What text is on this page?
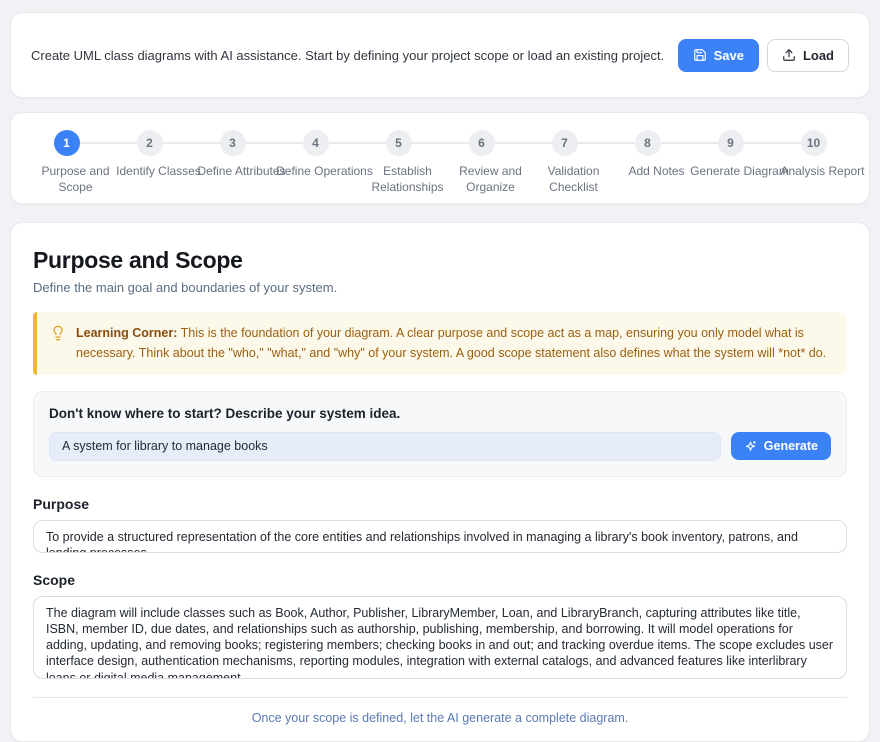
Create UML class diagrams with AI assistance. Start by defining your project scope or load an existing project.	Save	Load
1
Purpose and Scope
2
Identify Classes
3
Define Attributes
4
Define Operations
5
Establish Relationships
6
Review and Organize
7
Validation Checklist
8
Add Notes
9
Generate Diagram
10
Analysis Report
Purpose and Scope
Define the main goal and boundaries of your system.
Learning Corner: This is the foundation of your diagram. A clear purpose and scope act as a map, ensuring you only model what is necessary. Think about the "who," "what," and "why" of your system. A good scope statement also defines what the system will *not* do.
Don't know where to start? Describe your system idea.
A system for library to manage books
Generate
Purpose
To provide a structured representation of the core entities and relationships involved in managing a library's book inventory, patrons, and lending processes.
Scope
The diagram will include classes such as Book, Author, Publisher, LibraryMember, Loan, and LibraryBranch, capturing attributes like title, ISBN, member ID, due dates, and relationships such as authorship, publishing, membership, and borrowing. It will model operations for adding, updating, and removing books; registering members; checking books in and out; and tracking overdue items. The scope excludes user interface design, authentication mechanisms, reporting modules, integration with external catalogs, and advanced features like interlibrary loans or digital media management.
Once your scope is defined, let the AI generate a complete diagram.
